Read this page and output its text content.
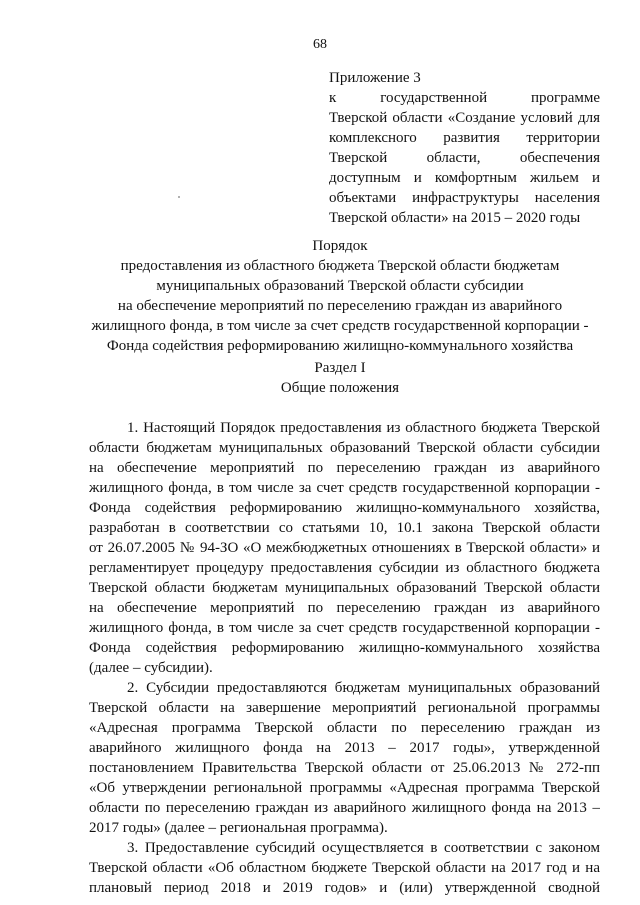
68
Приложение 3
к государственной программе
Тверской области «Создание условий для
комплексного развития территории
Тверской области, обеспечения
доступным и комфортным жильем и
объектами инфраструктуры населения
Тверской области» на 2015 – 2020 годы
Порядок
предоставления из областного бюджета Тверской области бюджетам
муниципальных образований Тверской области субсидии
на обеспечение мероприятий по переселению граждан из аварийного
жилищного фонда, в том числе за счет средств государственной корпорации -
Фонда содействия реформированию жилищно-коммунального хозяйства
Раздел I
Общие положения
1. Настоящий Порядок предоставления из областного бюджета Тверской
области бюджетам муниципальных образований Тверской области субсидии
на обеспечение мероприятий по переселению граждан из аварийного
жилищного фонда, в том числе за счет средств государственной корпорации -
Фонда содействия реформированию жилищно-коммунального хозяйства,
разработан в соответствии со статьями 10, 10.1 закона Тверской области
от 26.07.2005 № 94-ЗО «О межбюджетных отношениях в Тверской области» и
регламентирует процедуру предоставления субсидии из областного бюджета
Тверской области бюджетам муниципальных образований Тверской области
на обеспечение мероприятий по переселению граждан из аварийного
жилищного фонда, в том числе за счет средств государственной корпорации -
Фонда содействия реформированию жилищно-коммунального хозяйства
(далее – субсидии).
2. Субсидии предоставляются бюджетам муниципальных образований
Тверской области на завершение мероприятий региональной программы
«Адресная программа Тверской области по переселению граждан из
аварийного жилищного фонда на 2013 – 2017 годы», утвержденной
постановлением Правительства Тверской области от 25.06.2013 № 272-пп
«Об утверждении региональной программы «Адресная программа Тверской
области по переселению граждан из аварийного жилищного фонда на 2013 –
2017 годы» (далее – региональная программа).
3. Предоставление субсидий осуществляется в соответствии с законом
Тверской области «Об областном бюджете Тверской области на 2017 год и на
плановый период 2018 и 2019 годов» и (или) утвержденной сводной
